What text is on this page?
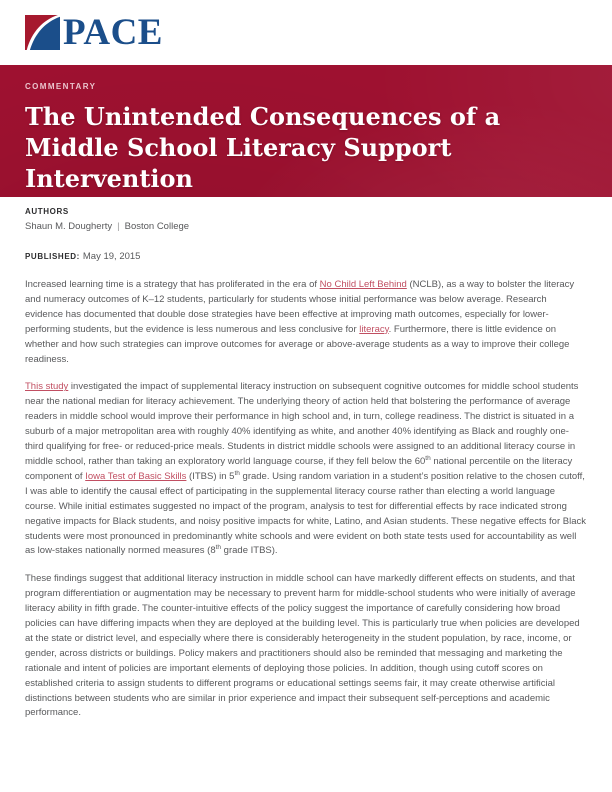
PACE
COMMENTARY
The Unintended Consequences of a Middle School Literacy Support Intervention
AUTHORS
Shaun M. Dougherty | Boston College
PUBLISHED: May 19, 2015

Increased learning time is a strategy that has proliferated in the era of No Child Left Behind (NCLB), as a way to bolster the literacy and numeracy outcomes of K–12 students, particularly for students whose initial performance was below average. Research evidence has documented that double dose strategies have been effective at improving math outcomes, especially for lower-performing students, but the evidence is less numerous and less conclusive for literacy. Furthermore, there is little evidence on whether and how such strategies can improve outcomes for average or above-average students as a way to improve their college readiness.

This study investigated the impact of supplemental literacy instruction on subsequent cognitive outcomes for middle school students near the national median for literacy achievement. The underlying theory of action held that bolstering the performance of average readers in middle school would improve their performance in high school and, in turn, college readiness. The district is situated in a suburb of a major metropolitan area with roughly 40% identifying as white, and another 40% identifying as Black and roughly one-third qualifying for free- or reduced-price meals. Students in district middle schools were assigned to an additional literacy course in middle school, rather than taking an exploratory world language course, if they fell below the 60th national percentile on the literacy component of Iowa Test of Basic Skills (ITBS) in 5th grade. Using random variation in a student’s position relative to the chosen cutoff, I was able to identify the causal effect of participating in the supplemental literacy course rather than electing a world language course. While initial estimates suggested no impact of the program, analysis to test for differential effects by race indicated strong negative impacts for Black students, and noisy positive impacts for white, Latino, and Asian students. These negative effects for Black students were most pronounced in predominantly white schools and were evident on both state tests used for accountability as well as low-stakes nationally normed measures (8th grade ITBS).

These findings suggest that additional literacy instruction in middle school can have markedly different effects on students, and that program differentiation or augmentation may be necessary to prevent harm for middle-school students who were initially of average literacy ability in fifth grade. The counter-intuitive effects of the policy suggest the importance of carefully considering how broad policies can have differing impacts when they are deployed at the building level. This is particularly true when policies are developed at the state or district level, and especially where there is considerably heterogeneity in the student population, by race, income, or gender, across districts or buildings. Policy makers and practitioners should also be reminded that messaging and marketing the rationale and intent of policies are important elements of deploying those policies. In addition, though using cutoff scores on established criteria to assign students to different programs or educational settings seems fair, it may create otherwise artificial distinctions between students who are similar in prior experience and impact their subsequent self-perceptions and academic performance.
